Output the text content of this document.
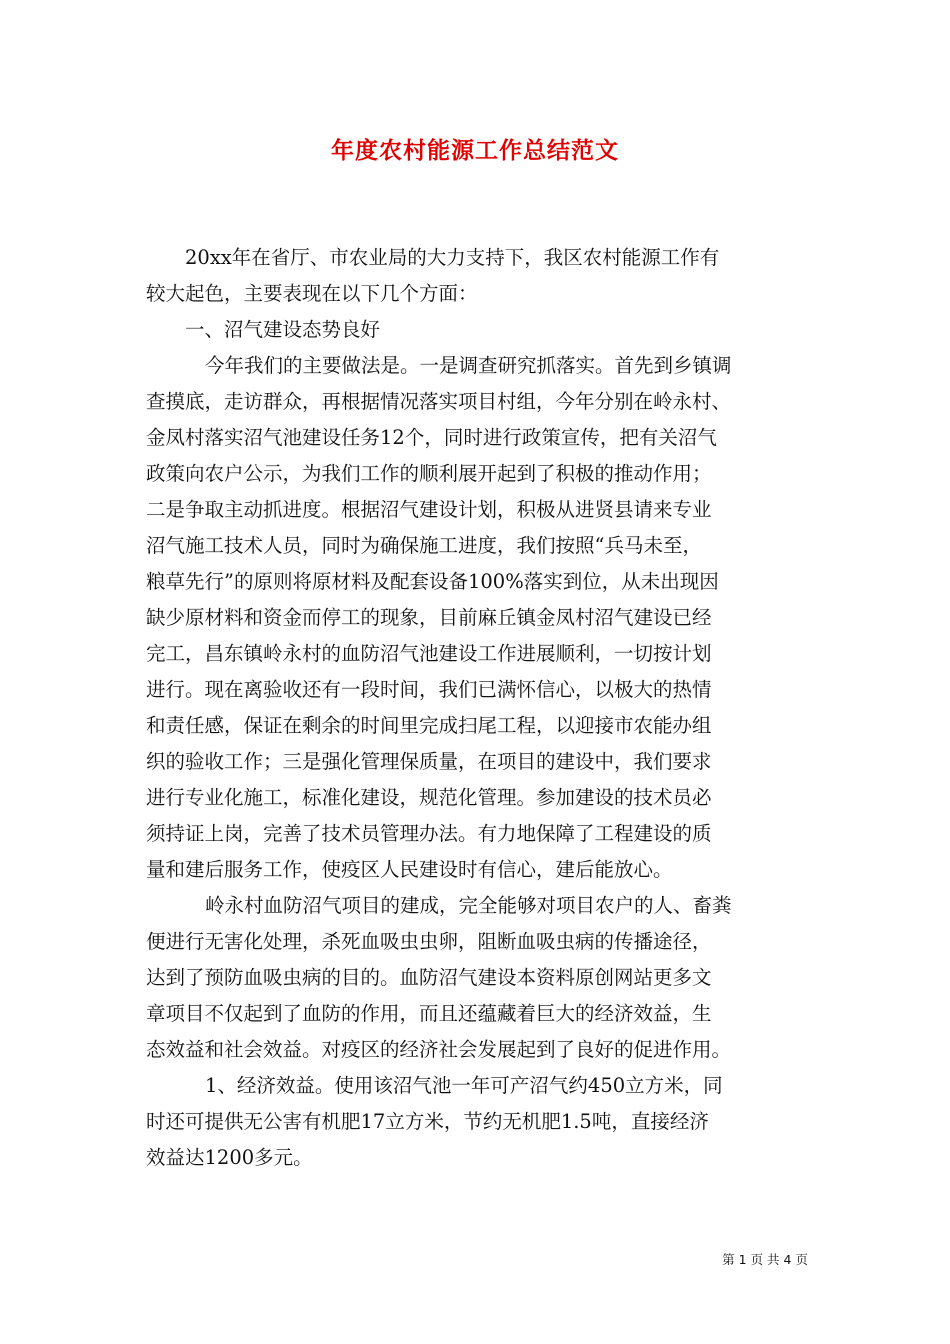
年度农村能源工作总结范文
20xx年在省厅、市农业局的大力支持下，我区农村能源工作有
较大起色，主要表现在以下几个方面：
一、沼气建设态势良好
今年我们的主要做法是。一是调查研究抓落实。首先到乡镇调
查摸底，走访群众，再根据情况落实项目村组，今年分别在岭永村、
金凤村落实沼气池建设任务12个，同时进行政策宣传，把有关沼气
政策向农户公示，为我们工作的顺利展开起到了积极的推动作用；
二是争取主动抓进度。根据沼气建设计划，积极从进贤县请来专业
沼气施工技术人员，同时为确保施工进度，我们按照“兵马未至，
粮草先行”的原则将原材料及配套设备100%落实到位，从未出现因
缺少原材料和资金而停工的现象，目前麻丘镇金凤村沼气建设已经
完工，昌东镇岭永村的血防沼气池建设工作进展顺利，一切按计划
进行。现在离验收还有一段时间，我们已满怀信心，以极大的热情
和责任感，保证在剩余的时间里完成扫尾工程，以迎接市农能办组
织的验收工作；三是强化管理保质量，在项目的建设中，我们要求
进行专业化施工，标准化建设，规范化管理。参加建设的技术员必
须持证上岗，完善了技术员管理办法。有力地保障了工程建设的质
量和建后服务工作，使疫区人民建设时有信心，建后能放心。
岭永村血防沼气项目的建成，完全能够对项目农户的人、畜粪
便进行无害化处理，杀死血吸虫虫卵，阻断血吸虫病的传播途径，
达到了预防血吸虫病的目的。血防沼气建设本资料原创网站更多文
章项目不仅起到了血防的作用，而且还蕴藏着巨大的经济效益，生
态效益和社会效益。对疫区的经济社会发展起到了良好的促进作用。
1、经济效益。使用该沼气池一年可产沼气约450立方米，同
时还可提供无公害有机肥17立方米，节约无机肥1.5吨，直接经济
效益达1200多元。
第 1 页 共 4 页
